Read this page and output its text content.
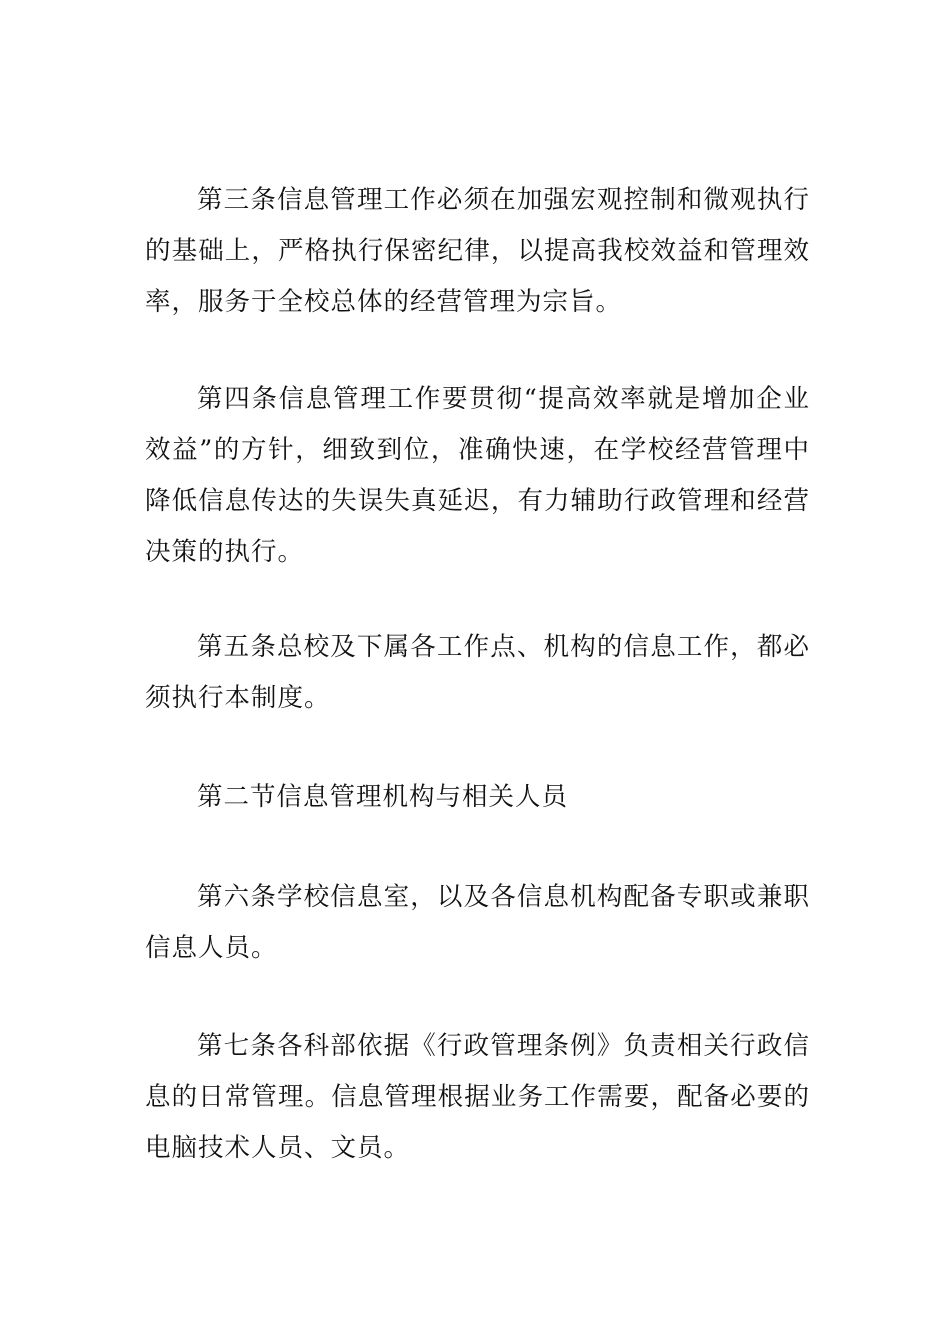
第三条信息管理工作必须在加强宏观控制和微观执行的基础上，严格执行保密纪律，以提高我校效益和管理效率，服务于全校总体的经营管理为宗旨。

第四条信息管理工作要贯彻“提高效率就是增加企业效益”的方针，细致到位，准确快速，在学校经营管理中降低信息传达的失误失真延迟，有力辅助行政管理和经营决策的执行。

第五条总校及下属各工作点、机构的信息工作，都必须执行本制度。

第二节信息管理机构与相关人员

第六条学校信息室，以及各信息机构配备专职或兼职信息人员。

第七条各科部依据《行政管理条例》负责相关行政信息的日常管理。信息管理根据业务工作需要，配备必要的电脑技术人员、文员。
